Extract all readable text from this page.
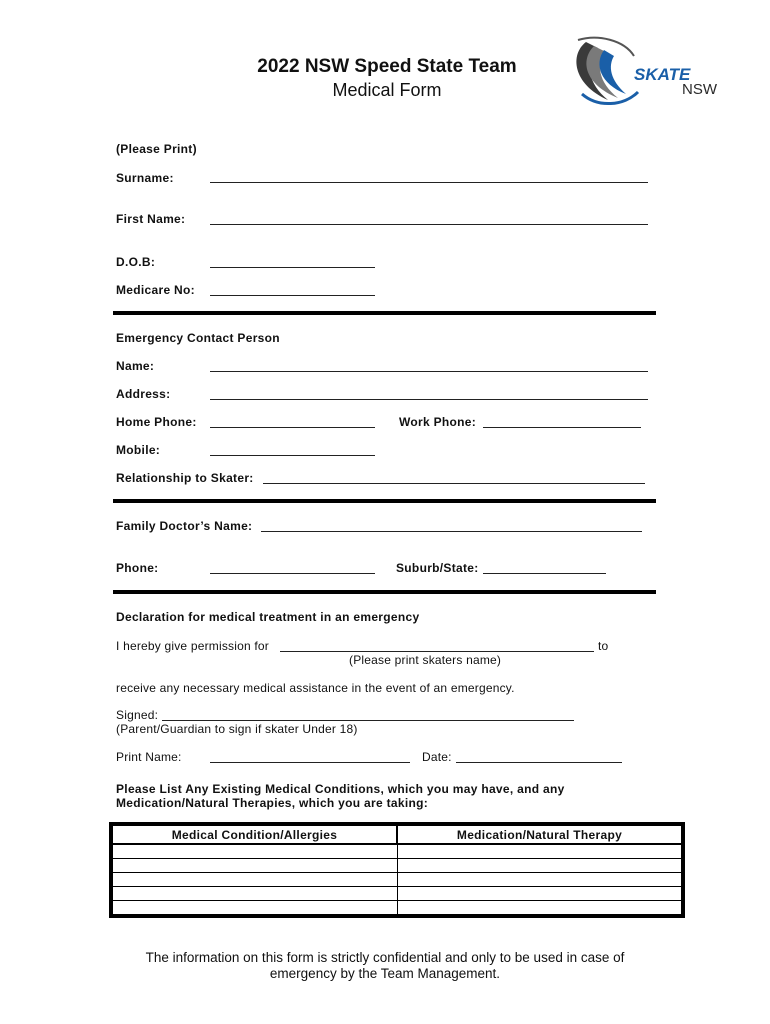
2022 NSW Speed State Team
Medical Form
SKATE
NSW
(Please Print)
Surname:
First Name:
D.O.B:
Medicare No:
Emergency Contact Person
Name:
Address:
Home Phone:	Work Phone:
Mobile:
Relationship to Skater:
Family Doctor’s Name:
Phone:	Suburb/State:
Declaration for medical treatment in an emergency
I hereby give permission for	to
(Please print skaters name)
receive any necessary medical assistance in the event of an emergency.
Signed:
(Parent/Guardian to sign if skater Under 18)
Print Name:	Date:
Please List Any Existing Medical Conditions, which you may have, and any
Medication/Natural Therapies, which you are taking:
Medical Condition/Allergies	Medication/Natural Therapy

The information on this form is strictly confidential and only to be used in case of
emergency by the Team Management.
